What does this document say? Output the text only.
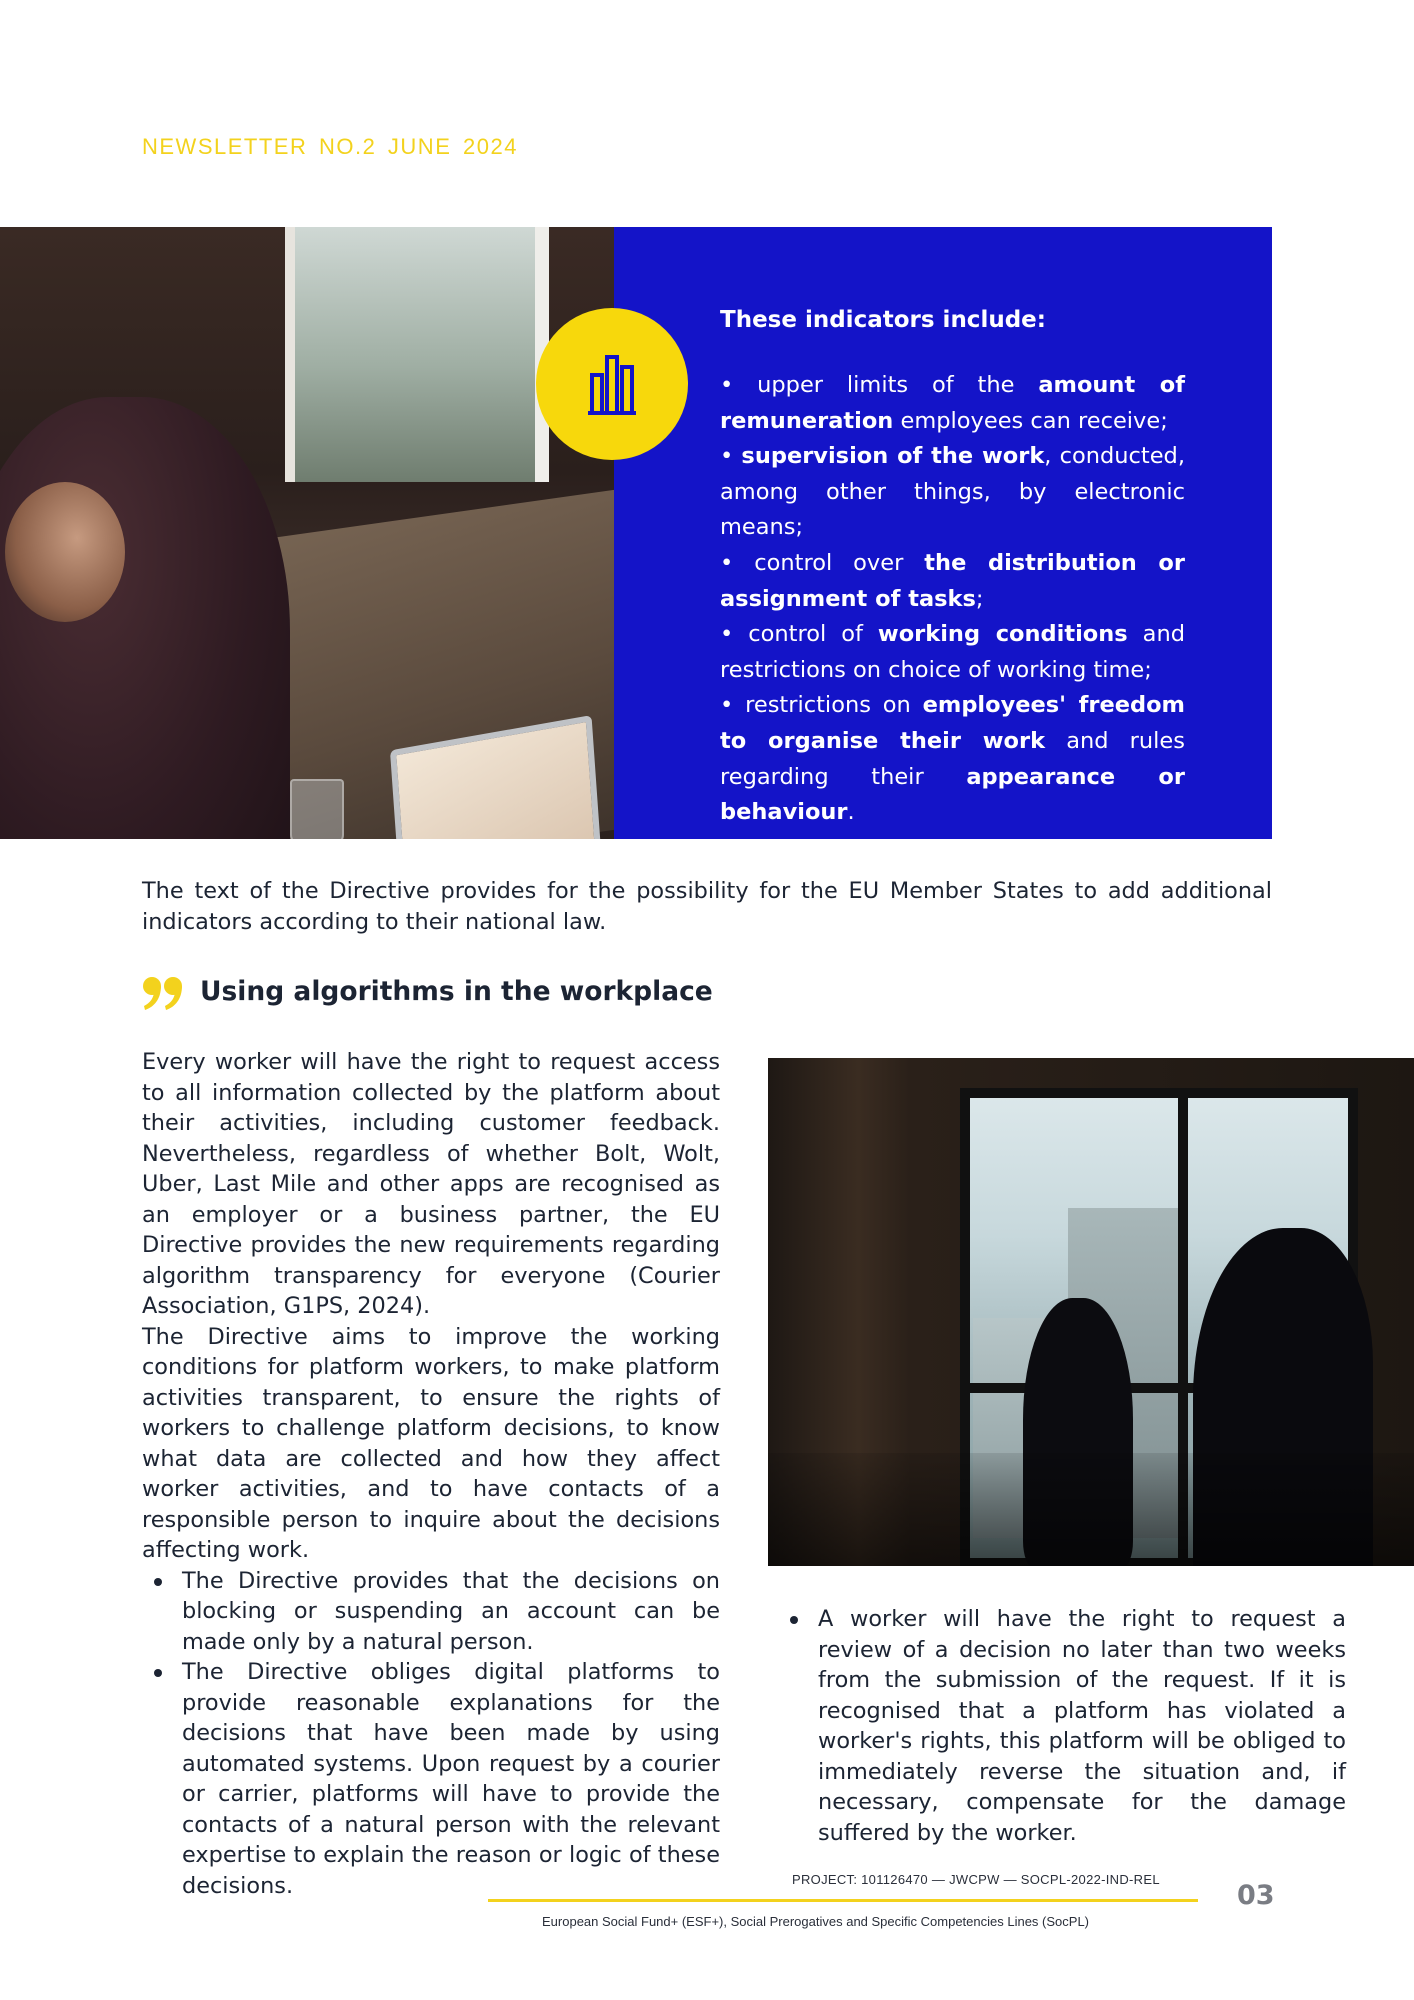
NEWSLETTER NO.2 JUNE 2024
These indicators include:

• upper limits of the amount of remuneration employees can receive;

• supervision of the work, conducted, among other things, by electronic means;

• control over the distribution or assignment of tasks;

• control of working conditions and restrictions on choice of working time;

• restrictions on employees' freedom to organise their work and rules regarding their appearance or behaviour.

The text of the Directive provides for the possibility for the EU Member States to add additional indicators according to their national law.
Using algorithms in the workplace

Every worker will have the right to request access to all information collected by the platform about their activities, including customer feedback. Nevertheless, regardless of whether Bolt, Wolt, Uber, Last Mile and other apps are recognised as an employer or a business partner, the EU Directive provides the new requirements regarding algorithm transparency for everyone (Courier Association, G1PS, 2024).

The Directive aims to improve the working conditions for platform workers, to make platform activities transparent, to ensure the rights of workers to challenge platform decisions, to know what data are collected and how they affect worker activities, and to have contacts of a responsible person to inquire about the decisions affecting work.

The Directive provides that the decisions on blocking or suspending an account can be made only by a natural person.
The Directive obliges digital platforms to provide reasonable explanations for the decisions that have been made by using automated systems. Upon request by a courier or carrier, platforms will have to provide the contacts of a natural person with the relevant expertise to explain the reason or logic of these decisions.
A worker will have the right to request a review of a decision no later than two weeks from the submission of the request. If it is recognised that a platform has violated a worker's rights, this platform will be obliged to immediately reverse the situation and, if necessary, compensate for the damage suffered by the worker.
PROJECT: 101126470 — JWCPW — SOCPL-2022-IND-REL
03
European Social Fund+ (ESF+), Social Prerogatives and Specific Competencies Lines (SocPL)
